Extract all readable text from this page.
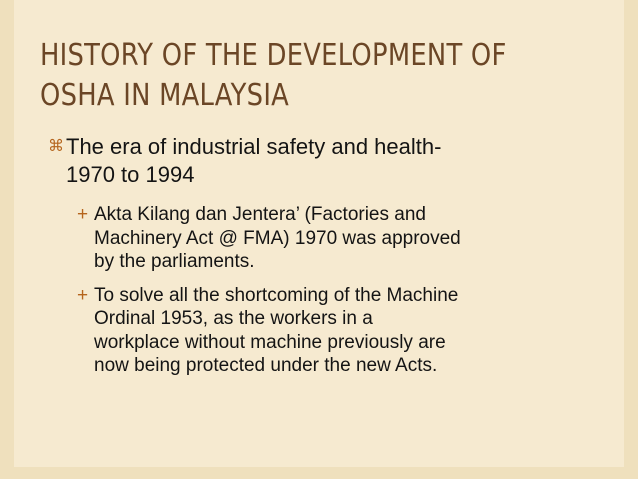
HISTORY OF THE DEVELOPMENT OF
OSHA IN MALAYSIA
⌘ The era of industrial safety and health-
1970 to 1994
+ Akta Kilang dan Jentera’ (Factories and
Machinery Act @ FMA) 1970 was approved
by the parliaments.
+ To solve all the shortcoming of the Machine
Ordinal 1953, as the workers in a
workplace without machine previously are
now being protected under the new Acts.
